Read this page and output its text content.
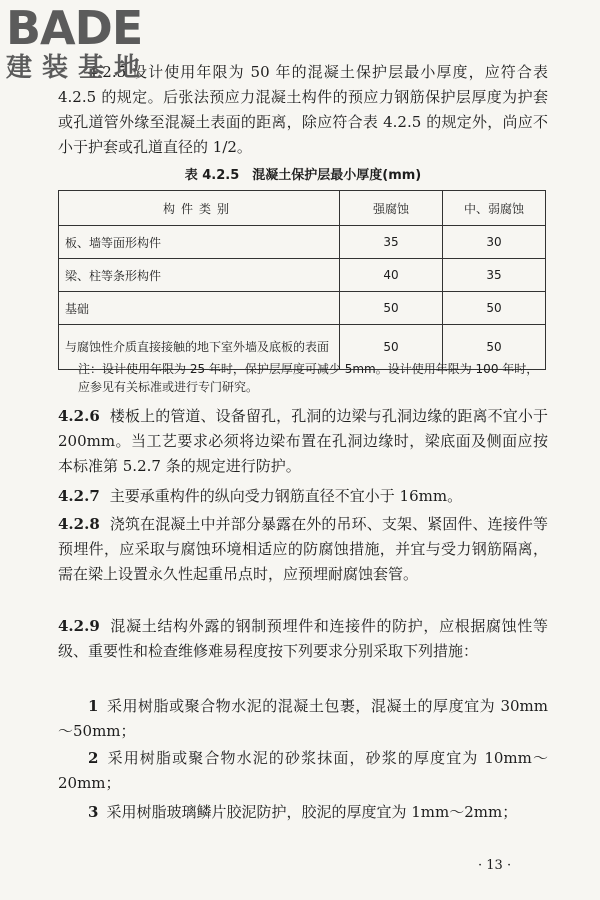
BADE
建装基地
4.2.5 设计使用年限为 50 年的混凝土保护层最小厚度，应符合表 4.2.5 的规定。后张法预应力混凝土构件的预应力钢筋保护层厚度为护套或孔道管外缘至混凝土表面的距离，除应符合表 4.2.5 的规定外，尚应不小于护套或孔道直径的 1/2。
表 4.2.5　混凝土保护层最小厚度(mm)
构件类别	强腐蚀	中、弱腐蚀
板、墙等面形构件	35	30
梁、柱等条形构件	40	35
基础	50	50
与腐蚀性介质直接接触的地下室外墙及底板的表面	50	50
注：设计使用年限为 25 年时，保护层厚度可减少 5mm。设计使用年限为 100 年时，应参见有关标准或进行专门研究。
4.2.6 楼板上的管道、设备留孔，孔洞的边梁与孔洞边缘的距离不宜小于 200mm。当工艺要求必须将边梁布置在孔洞边缘时，梁底面及侧面应按本标准第 5.2.7 条的规定进行防护。
4.2.7 主要承重构件的纵向受力钢筋直径不宜小于 16mm。
4.2.8 浇筑在混凝土中并部分暴露在外的吊环、支架、紧固件、连接件等预埋件，应采取与腐蚀环境相适应的防腐蚀措施，并宜与受力钢筋隔离，需在梁上设置永久性起重吊点时，应预埋耐腐蚀套管。
4.2.9 混凝土结构外露的钢制预埋件和连接件的防护，应根据腐蚀性等级、重要性和检查维修难易程度按下列要求分别采取下列措施：
1 采用树脂或聚合物水泥的混凝土包裹，混凝土的厚度宜为 30mm～50mm；
2 采用树脂或聚合物水泥的砂浆抹面，砂浆的厚度宜为 10mm～20mm；
3 采用树脂玻璃鳞片胶泥防护，胶泥的厚度宜为 1mm～2mm；
· 13 ·
